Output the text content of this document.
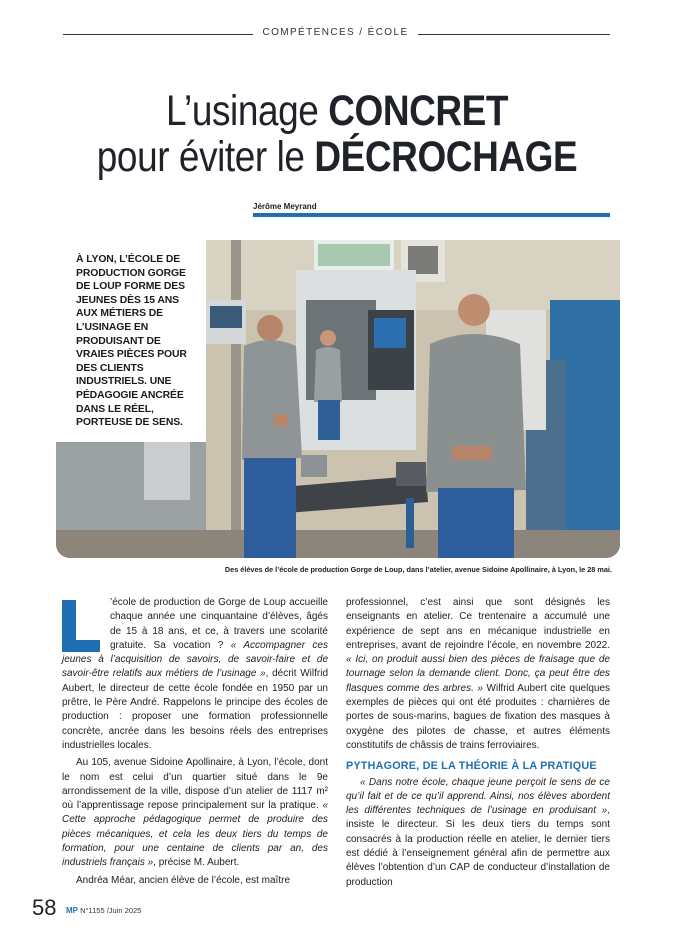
COMPÉTENCES / ÉCOLE
L’usinage CONCRET
pour éviter le DÉCROCHAGE
Jérôme Meyrand

À LYON, L’ÉCOLE DE PRODUCTION GORGE DE LOUP FORME DES JEUNES DÈS 15 ANS AUX MÉTIERS DE L’USINAGE EN PRODUISANT DE VRAIES PIÈCES POUR DES CLIENTS INDUSTRIELS. UNE PÉDAGOGIE ANCRÉE DANS LE RÉEL, PORTEUSE DE SENS.

Des élèves de l’école de production Gorge de Loup, dans l’atelier, avenue Sidoine Apollinaire, à Lyon, le 28 mai.

’école de production de Gorge de Loup accueille chaque année une cinquantaine d’élèves, âgés de 15 à 18 ans, et ce, à travers une scolarité gratuite. Sa vocation ? « Accompagner ces jeunes à l’acquisition de savoirs, de savoir-faire et de savoir-être relatifs aux métiers de l’usinage », décrit Wilfrid Aubert, le directeur de cette école fondée en 1950 par un prêtre, le Père André. Rappelons le principe des écoles de production : proposer une formation professionnelle concrète, ancrée dans les besoins réels des entreprises industrielles locales.

Au 105, avenue Sidoine Apollinaire, à Lyon, l’école, dont le nom est celui d’un quartier situé dans le 9e arrondissement de la ville, dispose d’un atelier de 1117 m² où l’apprentissage repose principalement sur la pratique. « Cette approche pédagogique permet de produire des pièces mécaniques, et cela les deux tiers du temps de formation, pour une centaine de clients par an, des industriels français », précise M. Aubert.

Andréa Méar, ancien élève de l’école, est maître

professionnel, c’est ainsi que sont désignés les enseignants en atelier. Ce trentenaire a accumulé une expérience de sept ans en mécanique industrielle en entreprises, avant de rejoindre l’école, en novembre 2022. « Ici, on produit aussi bien des pièces de fraisage que de tournage selon la demande client. Donc, ça peut être des flasques comme des arbres. » Wilfrid Aubert cite quelques exemples de pièces qui ont été produites : charnières de portes de sous-marins, bagues de fixation des masques à oxygène des pilotes de chasse, et autres éléments constitutifs de châssis de trains ferroviaires.

PYTHAGORE, DE LA THÉORIE À LA PRATIQUE

« Dans notre école, chaque jeune perçoit le sens de ce qu’il fait et de ce qu’il apprend. Ainsi, nos élèves abordent les différentes techniques de l’usinage en produisant », insiste le directeur. Si les deux tiers du temps sont consacrés à la production réelle en atelier, le dernier tiers est dédié à l’enseignement général afin de permettre aux élèves l’obtention d’un CAP de conducteur d’installation de production

58 MP N°1155 /Juin 2025
